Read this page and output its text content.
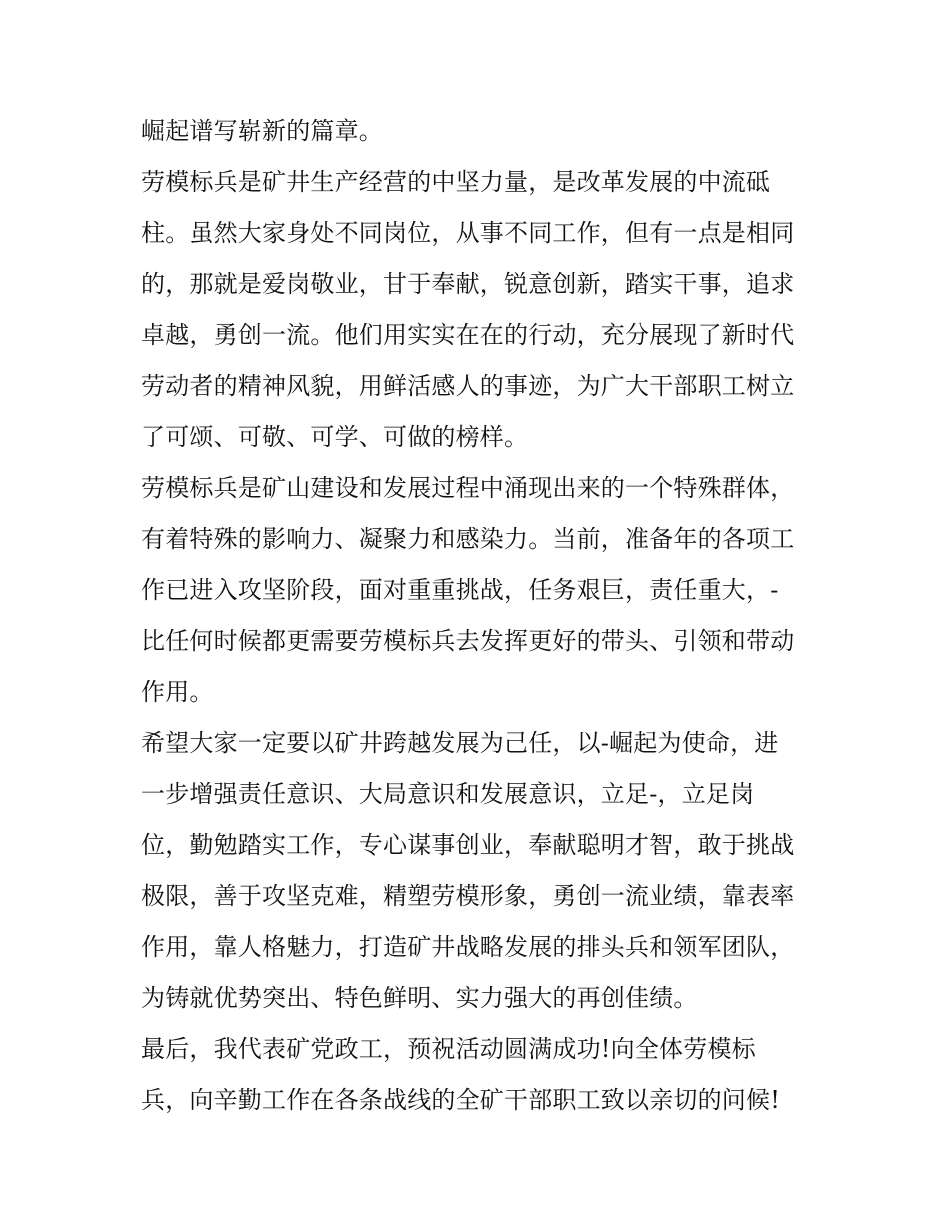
崛起谱写崭新的篇章。
劳模标兵是矿井生产经营的中坚力量，是改革发展的中流砥
柱。虽然大家身处不同岗位，从事不同工作，但有一点是相同
的，那就是爱岗敬业，甘于奉献，锐意创新，踏实干事，追求
卓越，勇创一流。他们用实实在在的行动，充分展现了新时代
劳动者的精神风貌，用鲜活感人的事迹，为广大干部职工树立
了可颂、可敬、可学、可做的榜样。
劳模标兵是矿山建设和发展过程中涌现出来的一个特殊群体，
有着特殊的影响力、凝聚力和感染力。当前，准备年的各项工
作已进入攻坚阶段，面对重重挑战，任务艰巨，责任重大，-
比任何时候都更需要劳模标兵去发挥更好的带头、引领和带动
作用。
希望大家一定要以矿井跨越发展为己任，以-崛起为使命，进
一步增强责任意识、大局意识和发展意识，立足-，立足岗
位，勤勉踏实工作，专心谋事创业，奉献聪明才智，敢于挑战
极限，善于攻坚克难，精塑劳模形象，勇创一流业绩，靠表率
作用，靠人格魅力，打造矿井战略发展的排头兵和领军团队，
为铸就优势突出、特色鲜明、实力强大的再创佳绩。
最后，我代表矿党政工，预祝活动圆满成功!向全体劳模标
兵，向辛勤工作在各条战线的全矿干部职工致以亲切的问候!
